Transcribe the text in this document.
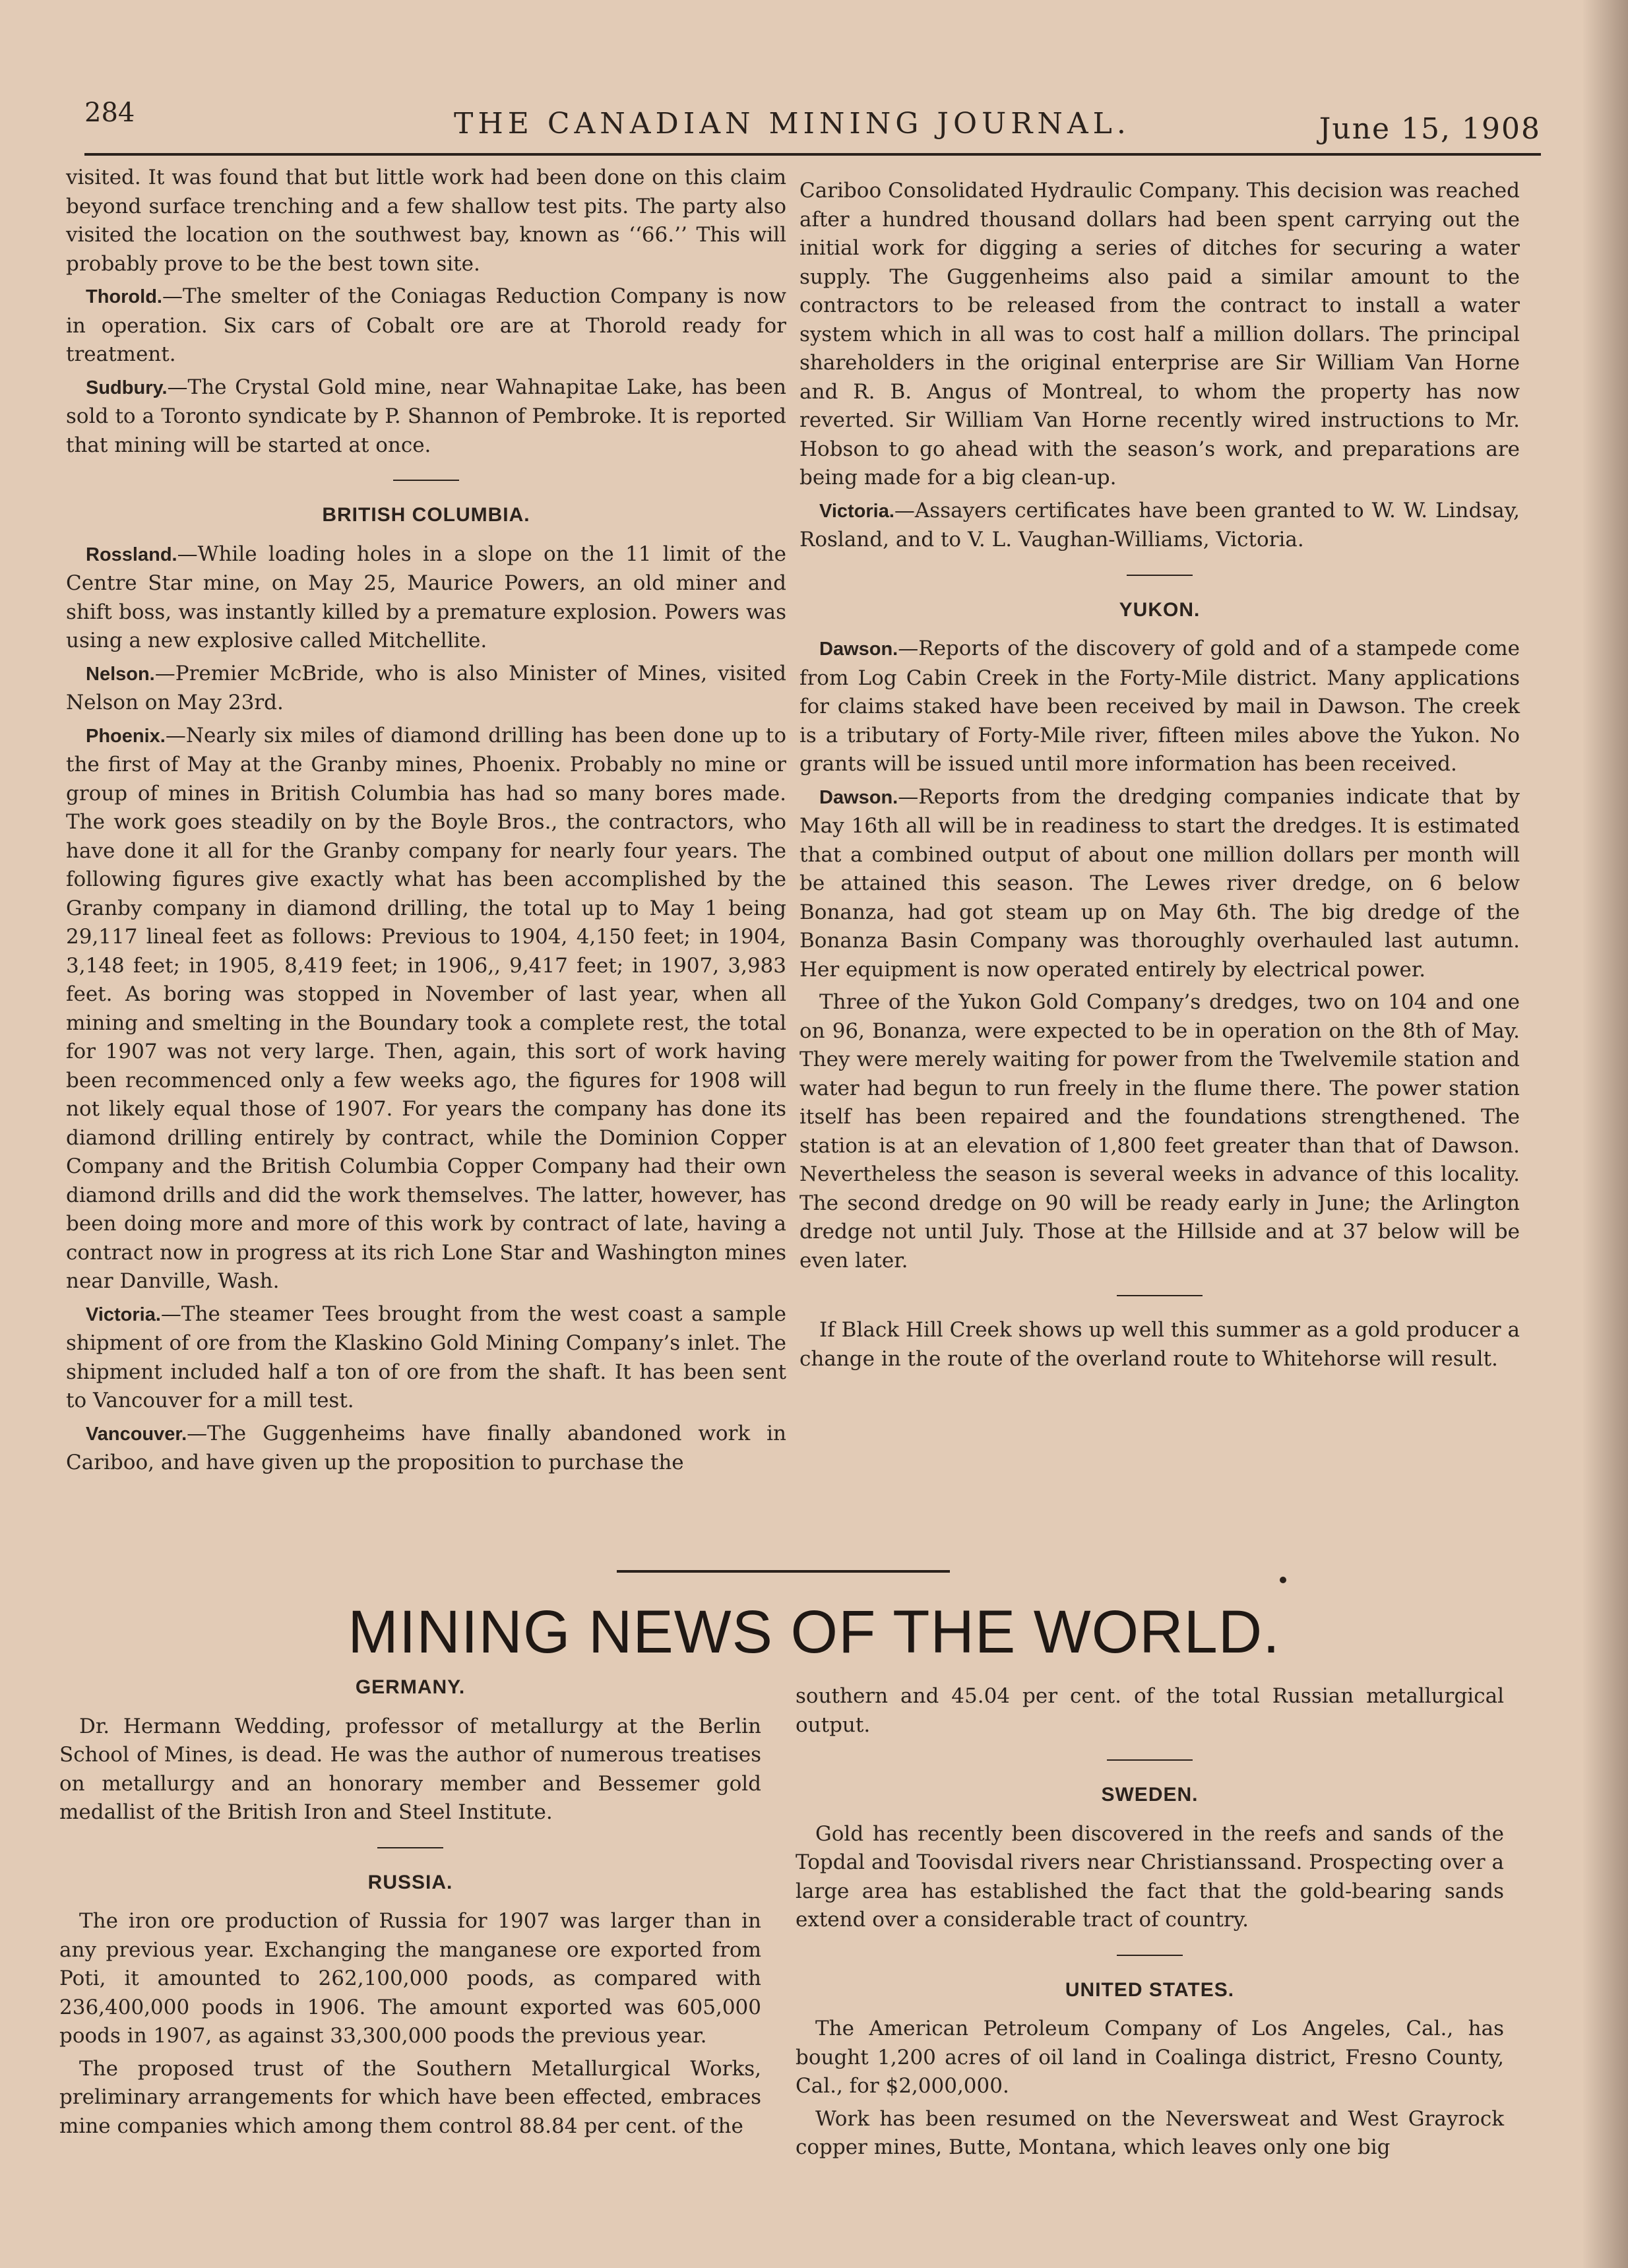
284	THE CANADIAN MINING JOURNAL.	June 15, 1908

visited. It was found that but little work had been done on this claim beyond surface trenching and a few shallow test pits. The party also visited the location on the southwest bay, known as ‘‘66.’’ This will probably prove to be the best town site.

Thorold.—The smelter of the Coniagas Reduction Company is now in operation. Six cars of Cobalt ore are at Thorold ready for treatment.

Sudbury.—The Crystal Gold mine, near Wahnapitae Lake, has been sold to a Toronto syndicate by P. Shannon of Pembroke. It is reported that mining will be started at once.

BRITISH COLUMBIA.

Rossland.—While loading holes in a slope on the 11 limit of the Centre Star mine, on May 25, Maurice Powers, an old miner and shift boss, was instantly killed by a premature explosion. Powers was using a new explosive called Mitchellite.

Nelson.—Premier McBride, who is also Minister of Mines, visited Nelson on May 23rd.

Phoenix.—Nearly six miles of diamond drilling has been done up to the first of May at the Granby mines, Phoenix. Probably no mine or group of mines in British Columbia has had so many bores made. The work goes steadily on by the Boyle Bros., the contractors, who have done it all for the Granby company for nearly four years. The following figures give exactly what has been accomplished by the Granby company in diamond drilling, the total up to May 1 being 29,117 lineal feet as follows: Previous to 1904, 4,150 feet; in 1904, 3,148 feet; in 1905, 8,419 feet; in 1906,, 9,417 feet; in 1907, 3,983 feet. As boring was stopped in November of last year, when all mining and smelting in the Boundary took a complete rest, the total for 1907 was not very large. Then, again, this sort of work having been recommenced only a few weeks ago, the figures for 1908 will not likely equal those of 1907. For years the company has done its diamond drilling entirely by contract, while the Dominion Copper Company and the British Columbia Copper Company had their own diamond drills and did the work themselves. The latter, however, has been doing more and more of this work by contract of late, having a contract now in progress at its rich Lone Star and Washington mines near Danville, Wash.

Victoria.—The steamer Tees brought from the west coast a sample shipment of ore from the Klaskino Gold Mining Company’s inlet. The shipment included half a ton of ore from the shaft. It has been sent to Vancouver for a mill test.

Vancouver.—The Guggenheims have finally abandoned work in Cariboo, and have given up the proposition to purchase the

Cariboo Consolidated Hydraulic Company. This decision was reached after a hundred thousand dollars had been spent carrying out the initial work for digging a series of ditches for securing a water supply. The Guggenheims also paid a similar amount to the contractors to be released from the contract to install a water system which in all was to cost half a million dollars. The principal shareholders in the original enterprise are Sir William Van Horne and R. B. Angus of Montreal, to whom the property has now reverted. Sir William Van Horne recently wired instructions to Mr. Hobson to go ahead with the season’s work, and preparations are being made for a big clean-up.

Victoria.—Assayers certificates have been granted to W. W. Lindsay, Rosland, and to V. L. Vaughan-Williams, Victoria.

YUKON.

Dawson.—Reports of the discovery of gold and of a stampede come from Log Cabin Creek in the Forty-Mile district. Many applications for claims staked have been received by mail in Dawson. The creek is a tributary of Forty-Mile river, fifteen miles above the Yukon. No grants will be issued until more information has been received.

Dawson.—Reports from the dredging companies indicate that by May 16th all will be in readiness to start the dredges. It is estimated that a combined output of about one million dollars per month will be attained this season. The Lewes river dredge, on 6 below Bonanza, had got steam up on May 6th. The big dredge of the Bonanza Basin Company was thoroughly overhauled last autumn. Her equipment is now operated entirely by electrical power.

Three of the Yukon Gold Company’s dredges, two on 104 and one on 96, Bonanza, were expected to be in operation on the 8th of May. They were merely waiting for power from the Twelvemile station and water had begun to run freely in the flume there. The power station itself has been repaired and the foundations strengthened. The station is at an elevation of 1,800 feet greater than that of Dawson. Nevertheless the season is several weeks in advance of this locality. The second dredge on 90 will be ready early in June; the Arlington dredge not until July. Those at the Hillside and at 37 below will be even later.

If Black Hill Creek shows up well this summer as a gold producer a change in the route of the overland route to Whitehorse will result.

MINING NEWS OF THE WORLD.
GERMANY.

Dr. Hermann Wedding, professor of metallurgy at the Berlin School of Mines, is dead. He was the author of numerous treatises on metallurgy and an honorary member and Bessemer gold medallist of the British Iron and Steel Institute.

RUSSIA.

The iron ore production of Russia for 1907 was larger than in any previous year. Exchanging the manganese ore exported from Poti, it amounted to 262,100,000 poods, as compared with 236,400,000 poods in 1906. The amount exported was 605,000 poods in 1907, as against 33,300,000 poods the previous year.

The proposed trust of the Southern Metallurgical Works, preliminary arrangements for which have been effected, embraces mine companies which among them control 88.84 per cent. of the

southern and 45.04 per cent. of the total Russian metallurgical output.

SWEDEN.

Gold has recently been discovered in the reefs and sands of the Topdal and Toovisdal rivers near Christianssand. Prospecting over a large area has established the fact that the gold-bearing sands extend over a considerable tract of country.

UNITED STATES.

The American Petroleum Company of Los Angeles, Cal., has bought 1,200 acres of oil land in Coalinga district, Fresno County, Cal., for $2,000,000.

Work has been resumed on the Neversweat and West Grayrock copper mines, Butte, Montana, which leaves only one big
